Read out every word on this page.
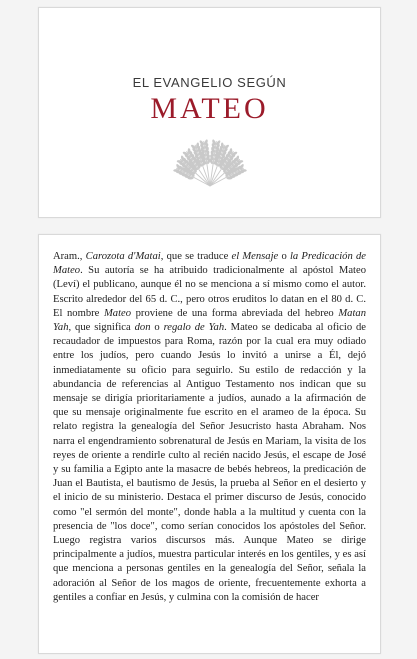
EL EVANGELIO SEGÚN
MATEO
Aram., Carozota d'Matai, que se traduce el Mensaje o la Predicación de Mateo. Su autoría se ha atribuido tradicionalmente al apóstol Mateo (Leví) el publicano, aunque él no se menciona a sí mismo como el autor. Escrito alrededor del 65 d. C., pero otros eruditos lo datan en el 80 d. C. El nombre Mateo proviene de una forma abreviada del hebreo Matan Yah, que significa don o regalo de Yah. Mateo se dedicaba al oficio de recaudador de impuestos para Roma, razón por la cual era muy odiado entre los judíos, pero cuando Jesús lo invitó a unirse a Él, dejó inmediatamente su oficio para seguirlo. Su estilo de redacción y la abundancia de referencias al Antiguo Testamento nos indican que su mensaje se dirigía prioritariamente a judíos, aunado a la afirmación de que su mensaje originalmente fue escrito en el arameo de la época. Su relato registra la genealogía del Señor Jesucristo hasta Abraham. Nos narra el engendramiento sobrenatural de Jesús en Mariam, la visita de los reyes de oriente a rendirle culto al recién nacido Jesús, el escape de José y su familia a Egipto ante la masacre de bebés hebreos, la predicación de Juan el Bautista, el bautismo de Jesús, la prueba al Señor en el desierto y el inicio de su ministerio. Destaca el primer discurso de Jesús, conocido como "el sermón del monte", donde habla a la multitud y cuenta con la presencia de "los doce", como serían conocidos los apóstoles del Señor. Luego registra varios discursos más. Aunque Mateo se dirige principalmente a judíos, muestra particular interés en los gentiles, y es así que menciona a personas gentiles en la genealogía del Señor, señala la adoración al Señor de los magos de oriente, frecuentemente exhorta a gentiles a confiar en Jesús, y culmina con la comisión de hacer
